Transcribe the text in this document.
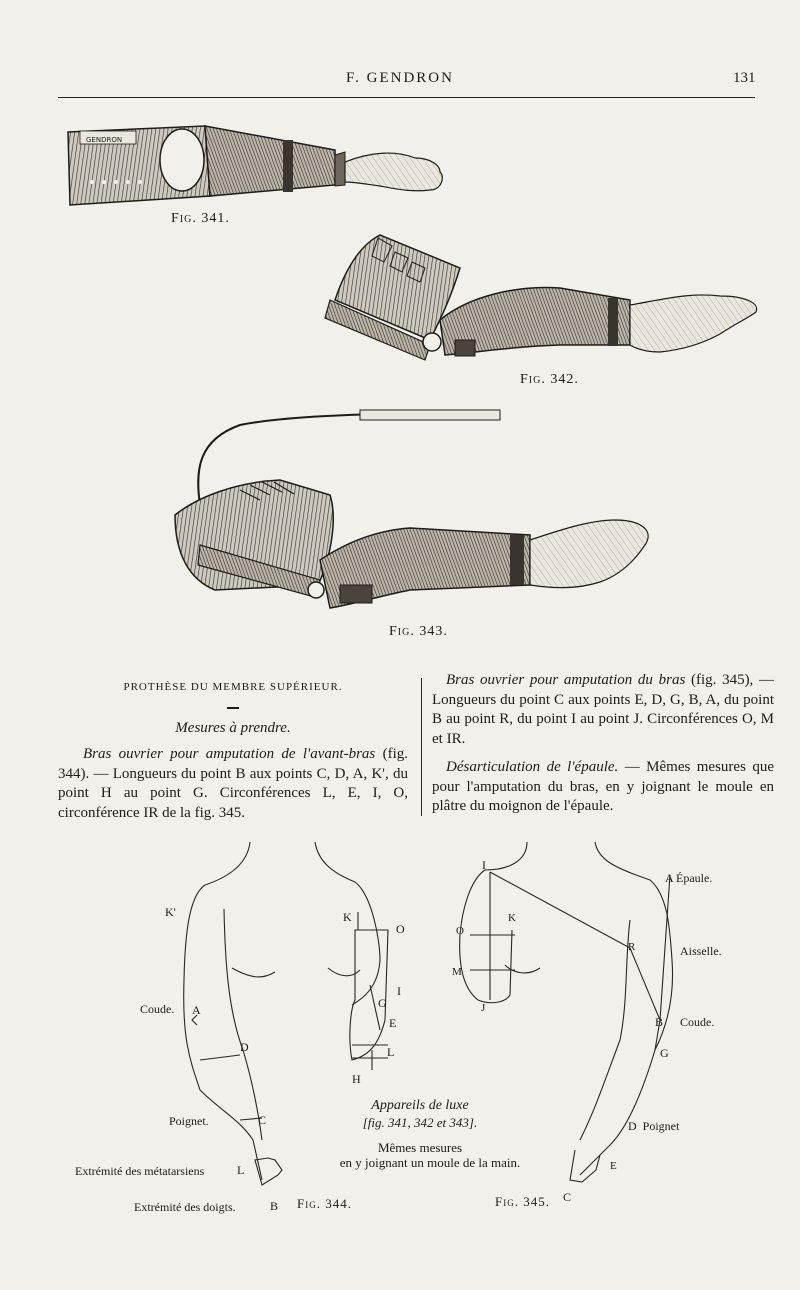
F. GENDRON	131
GENDRON
Fig. 341.
Fig. 342.
Fig. 343.
PROTHÈSE DU MEMBRE SUPÉRIEUR.
Mesures à prendre.
Bras ouvrier pour amputation de l'avant-bras (fig. 344). — Longueurs du point B aux points C, D, A, K', du point H au point G. Circonférences L, E, I, O, circonférence IR de la fig. 345.
Bras ouvrier pour amputation du bras (fig. 345), — Longueurs du point C aux points E, D, G, B, A, du point B au point R, du point I au point J. Circonférences O, M et IR.
Désarticulation de l'épaule. — Mêmes mesures que pour l'amputation du bras, en y joignant le moule en plâtre du moignon de l'épaule.
K'
Coude. A
D
Poignet.	C
Extrémité des métatarsiens	L
Extrémité des doigts.	B Fig. 344.
K
O
I
G
E
L
H
Appareils de luxe
[fig. 341, 342 et 343].
Mêmes mesures
en y joignant un moule de la main.
I
O
K
M
J
A Épaule.
R	Aisselle.
B Coude.
G
D  Poignet
E
Fig. 345. C
